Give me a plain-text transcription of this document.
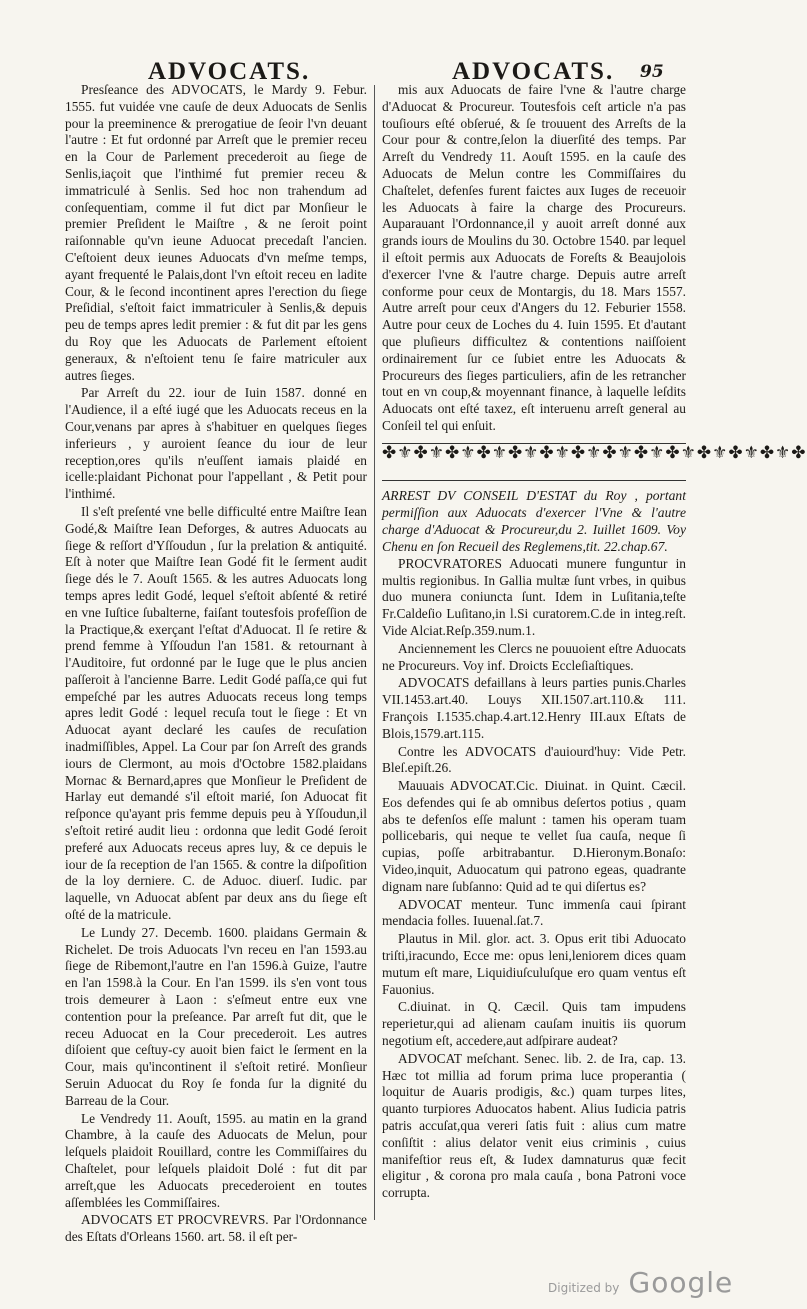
ADVOCATS.	ADVOCATS. 95

Presſeance des ADVOCATS, le Mardy 9. Febur. 1555. fut vuidée vne cauſe de deux Aduocats de Senlis pour la preeminence & prerogatiue de ſeoir l'vn deuant l'autre : Et fut ordonné par Arreſt que le premier receu en la Cour de Parlement precederoit au ſiege de Senlis,iaçoit que l'inthimé fut premier receu & immatriculé à Senlis. Sed hoc non trahendum ad conſequentiam, comme il fut dict par Monſieur le premier Preſident le Maiſtre , & ne ſeroit point raiſonnable qu'vn ieune Aduocat precedaſt l'ancien. C'eſtoient deux ieunes Aduocats d'vn meſme temps, ayant frequenté le Palais,dont l'vn eſtoit receu en ladite Cour, & le ſecond incontinent apres l'erection du ſiege Preſidial, s'eſtoit faict immatriculer à Senlis,& depuis peu de temps apres ledit premier : & fut dit par les gens du Roy que les Aduocats de Parlement eſtoient generaux, & n'eſtoient tenu ſe faire matriculer aux autres ſieges.

Par Arreſt du 22. iour de Iuin 1587. donné en l'Audience, il a eſté iugé que les Aduocats receus en la Cour,venans par apres à s'habituer en quelques ſieges inferieurs , y auroient ſeance du iour de leur reception,ores qu'ils n'euſſent iamais plaidé en icelle:plaidant Pichonat pour l'appellant , & Petit pour l'inthimé.

Il s'eſt preſenté vne belle difficulté entre Maiſtre Iean Godé,& Maiſtre Iean Deforges, & autres Aduocats au ſiege & reſſort d'Yſſoudun , ſur la prelation & antiquité. Eſt à noter que Maiſtre Iean Godé fit le ſerment audit ſiege dés le 7. Aouſt 1565. & les autres Aduocats long temps apres ledit Godé, lequel s'eſtoit abſenté & retiré en vne Iuſtice ſubalterne, faiſant toutesfois profeſſion de la Practique,& exerçant l'eſtat d'Aduocat. Il ſe retire & prend femme à Yſſoudun l'an 1581. & retournant à l'Auditoire, fut ordonné par le Iuge que le plus ancien paſſeroit à l'ancienne Barre. Ledit Godé paſſa,ce qui fut empeſché par les autres Aduocats receus long temps apres ledit Godé : lequel recuſa tout le ſiege : Et vn Aduocat ayant declaré les cauſes de recuſation inadmiſſibles, Appel. La Cour par ſon Arreſt des grands iours de Clermont, au mois d'Octobre 1582.plaidans Mornac & Bernard,apres que Monſieur le Preſident de Harlay eut demandé s'il eſtoit marié, ſon Aduocat fit reſponce qu'ayant pris femme depuis peu à Yſſoudun,il s'eſtoit retiré audit lieu : ordonna que ledit Godé ſeroit preferé aux Aduocats receus apres luy, & ce depuis le iour de ſa reception de l'an 1565. & contre la diſpoſition de la loy derniere. C. de Aduoc. diuerſ. Iudic. par laquelle, vn Aduocat abſent par deux ans du ſiege eſt oſté de la matricule.

Le Lundy 27. Decemb. 1600. plaidans Germain & Richelet. De trois Aduocats l'vn receu en l'an 1593.au ſiege de Ribemont,l'autre en l'an 1596.à Guize, l'autre en l'an 1598.à la Cour. En l'an 1599. ils s'en vont tous trois demeurer à Laon : s'eſmeut entre eux vne contention pour la preſeance. Par arreſt fut dit, que le receu Aduocat en la Cour precederoit. Les autres diſoient que ceſtuy-cy auoit bien faict le ſerment en la Cour, mais qu'incontinent il s'eſtoit retiré. Monſieur Seruin Aduocat du Roy ſe fonda ſur la dignité du Barreau de la Cour.

Le Vendredy 11. Aouſt, 1595. au matin en la grand Chambre, à la cauſe des Aduocats de Melun, pour leſquels plaidoit Rouillard, contre les Commiſſaires du Chaſtelet, pour leſquels plaidoit Dolé : fut dit par arreſt,que les Aduocats precederoient en toutes aſſemblées les Commiſſaires.

ADVOCATS ET PROCVREVRS. Par l'Ordonnance des Eſtats d'Orleans 1560. art. 58. il eſt per-

mis aux Aduocats de faire l'vne & l'autre charge d'Aduocat & Procureur. Toutesfois ceſt article n'a pas touſiours eſté obſerué, & ſe trouuent des Arreſts de la Cour pour & contre,ſelon la diuerſité des temps. Par Arreſt du Vendredy 11. Aouſt 1595. en la cauſe des Aduocats de Melun contre les Commiſſaires du Chaſtelet, defenſes furent faictes aux Iuges de receuoir les Aduocats à faire la charge des Procureurs. Auparauant l'Ordonnance,il y auoit arreſt donné aux grands iours de Moulins du 30. Octobre 1540. par lequel il eſtoit permis aux Aduocats de Foreſts & Beaujolois d'exercer l'vne & l'autre charge. Depuis autre arreſt conforme pour ceux de Montargis, du 18. Mars 1557. Autre arreſt pour ceux d'Angers du 12. Feburier 1558. Autre pour ceux de Loches du 4. Iuin 1595. Et d'autant que pluſieurs difficultez & contentions naiſſoient ordinairement ſur ce ſubiet entre les Aduocats & Procureurs des ſieges particuliers, afin de les retrancher tout en vn coup,& moyennant finance, à laquelle leſdits Aduocats ont eſté taxez, eſt interuenu arreſt general au Conſeil tel qui enſuit.

✤⚜✤⚜✤⚜✤⚜✤⚜✤⚜✤⚜✤⚜✤⚜✤⚜✤⚜✤⚜✤⚜✤

ARREST DV CONSEIL D'ESTAT du Roy , portant permiſſion aux Aduocats d'exercer l'Vne & l'autre charge d'Aduocat & Procureur,du 2. Iuillet 1609. Voy Chenu en ſon Recueil des Reglemens,tit. 22.chap.67.

PROCVRATORES Aduocati munere funguntur in multis regionibus. In Gallia multæ ſunt vrbes, in quibus duo munera coniuncta ſunt. Idem in Luſitania,teſte Fr.Caldeſio Luſitano,in l.Si curatorem.C.de in integ.reſt. Vide Alciat.Reſp.359.num.1.

Anciennement les Clercs ne pouuoient eſtre Aduocats ne Procureurs. Voy inf. Droicts Eccleſiaſtiques.

ADVOCATS defaillans à leurs parties punis.Charles VII.1453.art.40. Louys XII.1507.art.110.& 111. François I.1535.chap.4.art.12.Henry III.aux Eſtats de Blois,1579.art.115.

Contre les ADVOCATS d'auiourd'huy: Vide Petr. Bleſ.epiſt.26.

Mauuais ADVOCAT.Cic. Diuinat. in Quint. Cæcil. Eos defendes qui ſe ab omnibus deſertos potius , quam abs te defenſos eſſe malunt : tamen his operam tuam pollicebaris, qui neque te vellet ſua cauſa, neque ſi cupias, poſſe arbitrabantur. D.Hieronym.Bonaſo: Video,inquit, Aduocatum qui patrono egeas, quadrante dignam nare ſubſanno: Quid ad te qui diſertus es?

ADVOCAT menteur. Tunc immenſa caui ſpirant mendacia folles. Iuuenal.ſat.7.

Plautus in Mil. glor. act. 3. Opus erit tibi Aduocato triſti,iracundo, Ecce me: opus leni,leniorem dices quam mutum eſt mare, Liquidiuſculuſque ero quam ventus eſt Fauonius.

C.diuinat. in Q. Cæcil. Quis tam impudens reperietur,qui ad alienam cauſam inuitis iis quorum negotium eſt, accedere,aut adſpirare audeat?

ADVOCAT meſchant. Senec. lib. 2. de Ira, cap. 13. Hæc tot millia ad forum prima luce properantia ( loquitur de Auaris prodigis, &c.) quam turpes lites, quanto turpiores Aduocatos habent. Alius Iudicia patris patris accuſat,qua vereri ſatis fuit : alius cum matre conſiſtit : alius delator venit eius criminis , cuius manifeſtior reus eſt, & Iudex damnaturus quæ fecit eligitur , & corona pro mala cauſa , bona Patroni voce corrupta.

Digitized by Google
